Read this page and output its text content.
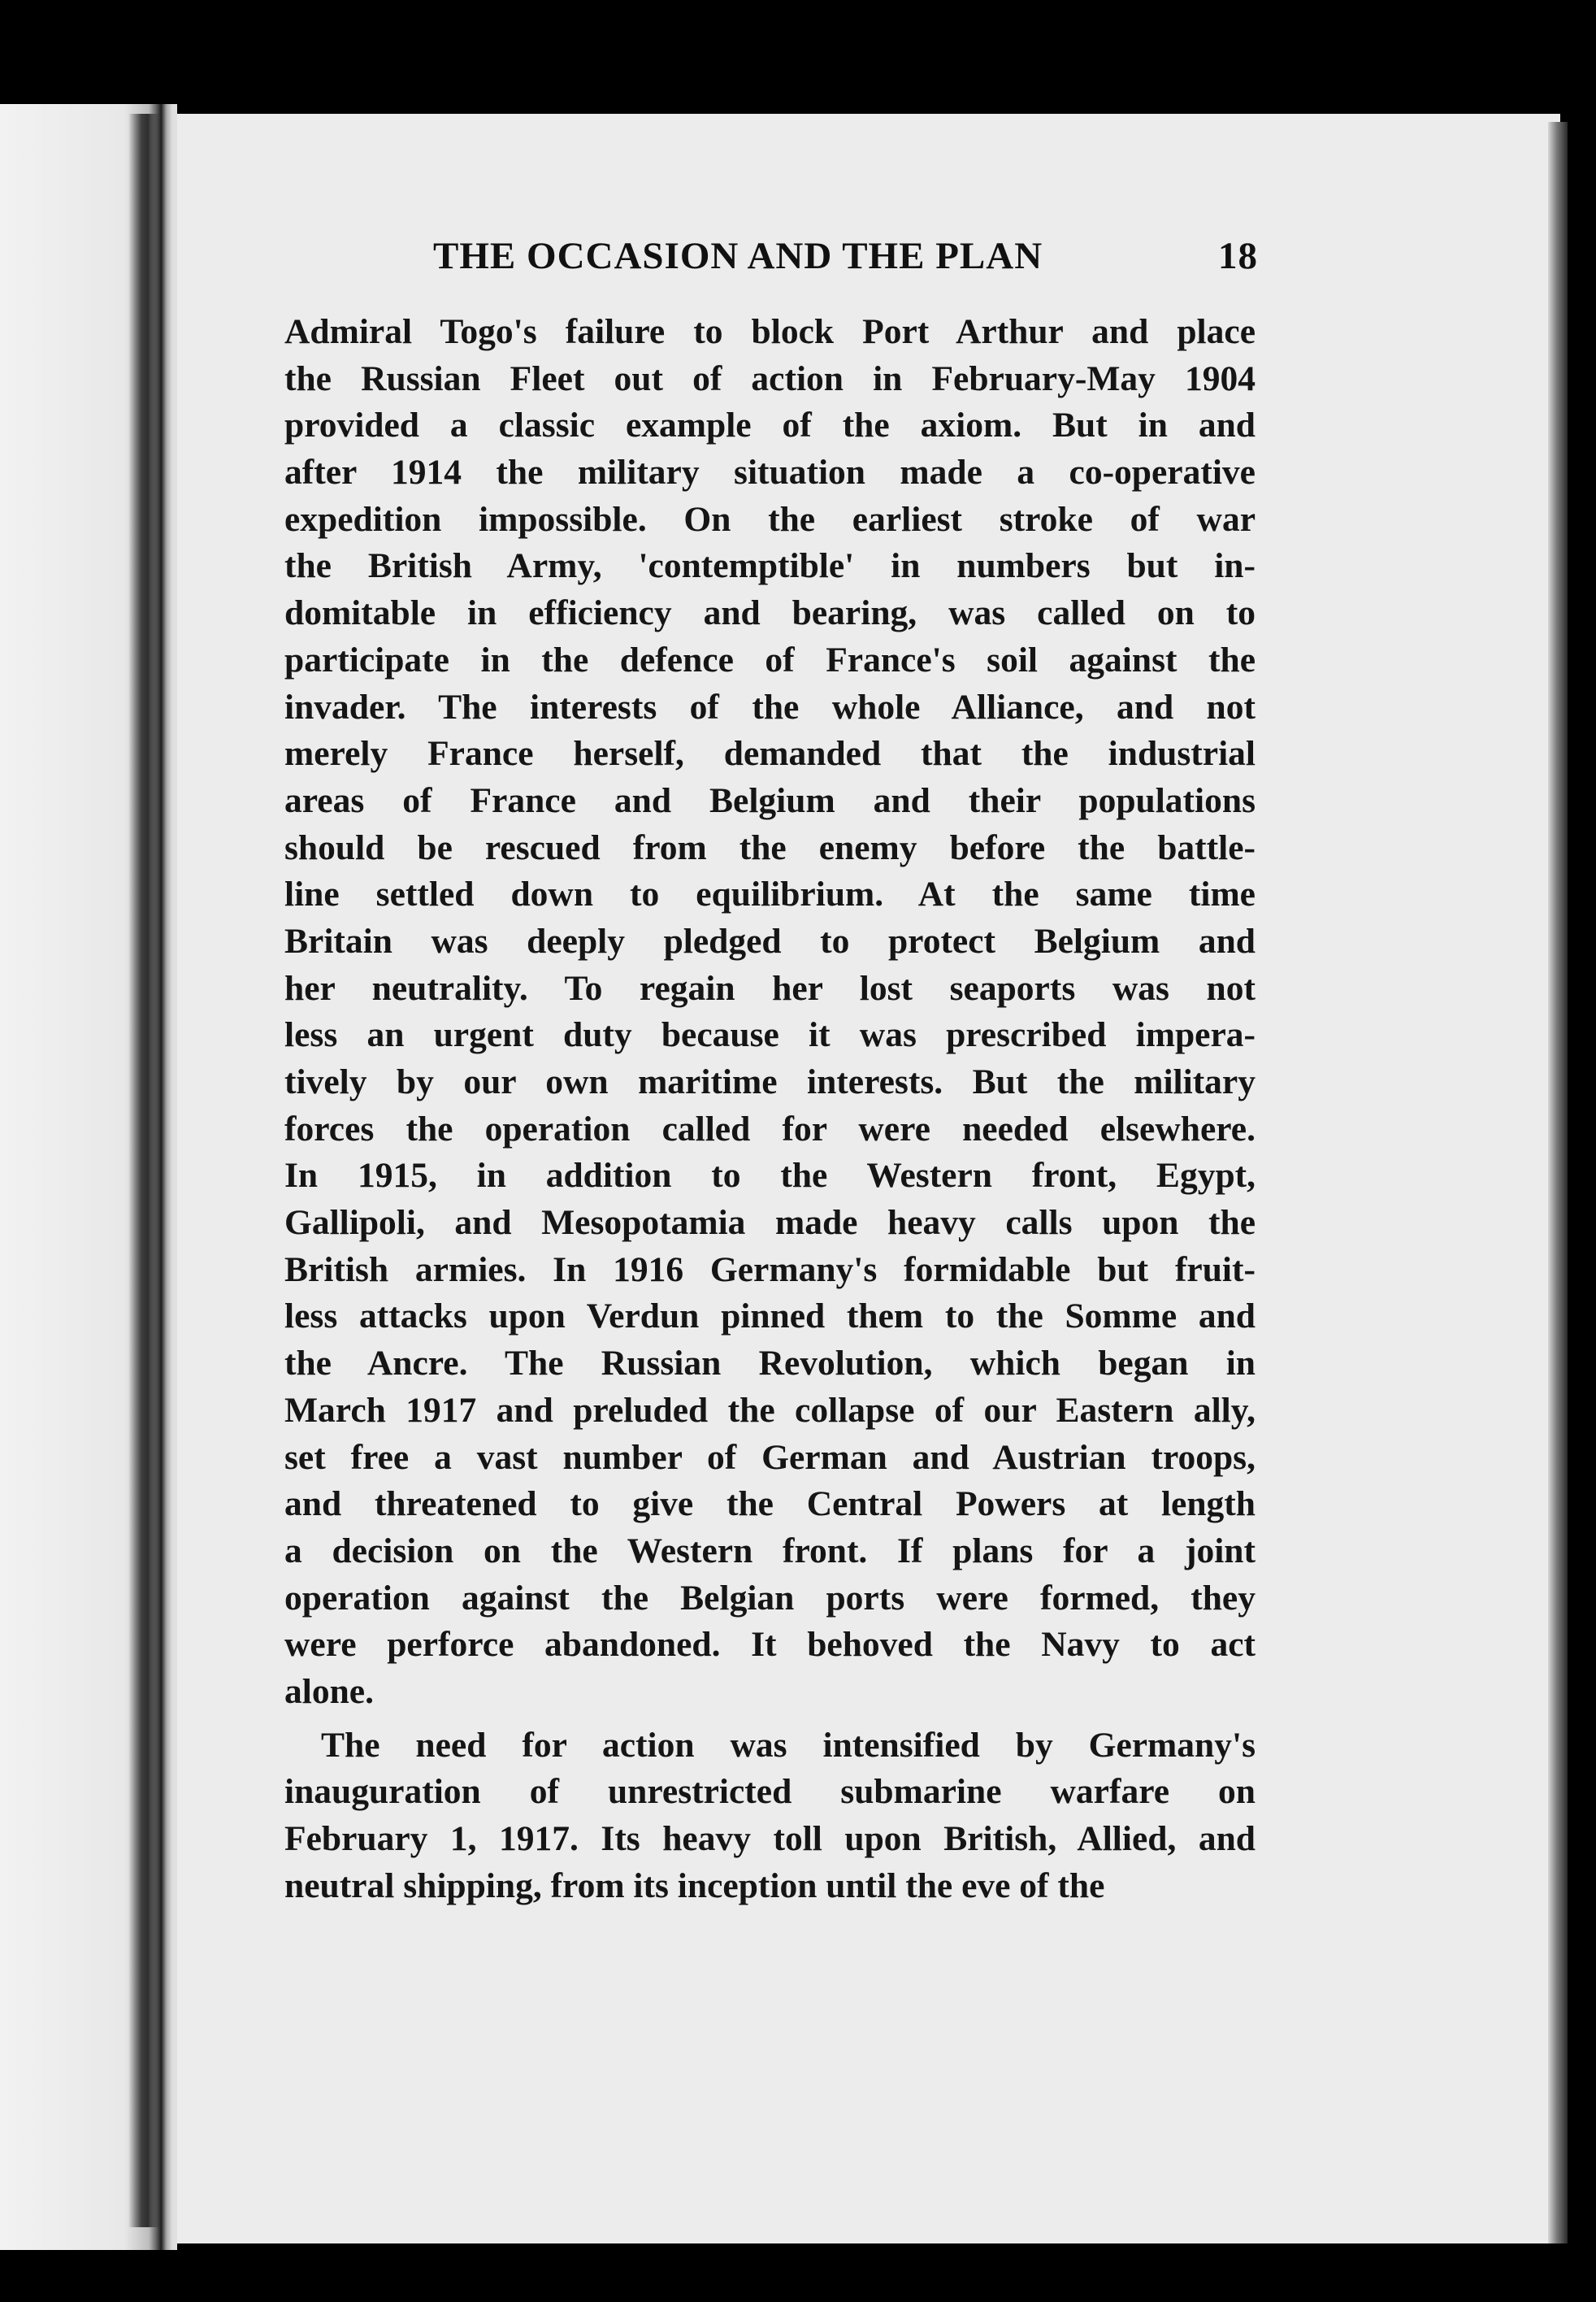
THE OCCASION AND THE PLAN	18
Admiral Togo's failure to block Port Arthur and place
the Russian Fleet out of action in February-May 1904
provided a classic example of the axiom. But in and
after 1914 the military situation made a co-operative
expedition impossible. On the earliest stroke of war
the British Army, 'contemptible' in numbers but in-
domitable in efficiency and bearing, was called on to
participate in the defence of France's soil against the
invader. The interests of the whole Alliance, and not
merely France herself, demanded that the industrial
areas of France and Belgium and their populations
should be rescued from the enemy before the battle-
line settled down to equilibrium. At the same time
Britain was deeply pledged to protect Belgium and
her neutrality. To regain her lost seaports was not
less an urgent duty because it was prescribed impera-
tively by our own maritime interests. But the military
forces the operation called for were needed elsewhere.
In 1915, in addition to the Western front, Egypt,
Gallipoli, and Mesopotamia made heavy calls upon the
British armies. In 1916 Germany's formidable but fruit-
less attacks upon Verdun pinned them to the Somme and
the Ancre. The Russian Revolution, which began in
March 1917 and preluded the collapse of our Eastern ally,
set free a vast number of German and Austrian troops,
and threatened to give the Central Powers at length
a decision on the Western front. If plans for a joint
operation against the Belgian ports were formed, they
were perforce abandoned. It behoved the Navy to act
alone.
The need for action was intensified by Germany's
inauguration of unrestricted submarine warfare on
February 1, 1917. Its heavy toll upon British, Allied, and
neutral shipping, from its inception until the eve of the
